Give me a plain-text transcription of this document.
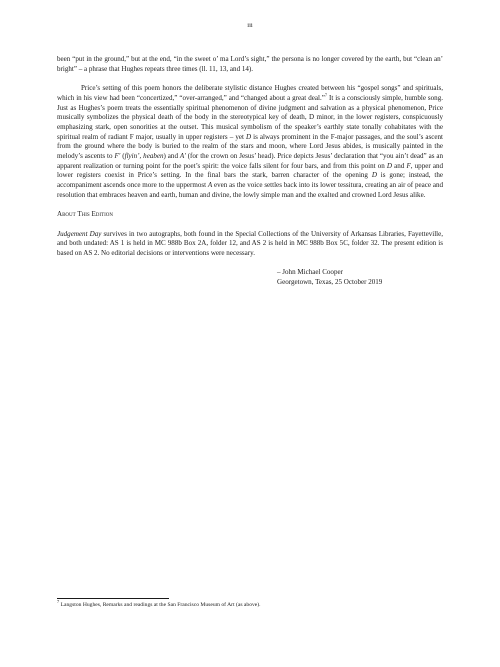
iii

been “put in the ground,” but at the end, “in the sweet o’ ma Lord’s sight,” the persona is no longer covered by the earth, but “clean an’ bright” – a phrase that Hughes repeats three times (ll. 11, 13, and 14).

Price’s setting of this poem honors the deliberate stylistic distance Hughes created between his “gospel songs” and spirituals, which in his view had been “concertized,” “over-arranged,” and “changed about a great deal.”$^7$ It is a consciously simple, humble song. Just as Hughes’s poem treats the essentially spiritual phenomenon of divine judgment and salvation as a physical phenomenon, Price musically symbolizes the physical death of the body in the stereotypical key of death, D minor, in the lower registers, conspicuously emphasizing stark, open sonorities at the outset. This musical symbolism of the speaker’s earthly state tonally cohabitates with the spiritual realm of radiant F major, usually in upper registers – yet D is always prominent in the F-major passages, and the soul’s ascent from the ground where the body is buried to the realm of the stars and moon, where Lord Jesus abides, is musically painted in the melody’s ascents to F′ (flyin’, heaben) and A′ (for the crown on Jesus’ head). Price depicts Jesus’ declaration that “you ain’t dead” as an apparent realization or turning point for the poet’s spirit: the voice falls silent for four bars, and from this point on D and F, upper and lower registers coexist in Price’s setting. In the final bars the stark, barren character of the opening D is gone; instead, the accompaniment ascends once more to the uppermost A even as the voice settles back into its lower tessitura, creating an air of peace and resolution that embraces heaven and earth, human and divine, the lowly simple man and the exalted and crowned Lord Jesus alike.

About This Edition

Judgement Day survives in two autographs, both found in the Special Collections of the University of Arkansas Libraries, Fayetteville, and both undated: AS 1 is held in MC 988b Box 2A, folder 12, and AS 2 is held in MC 988b Box 5C, folder 32. The present edition is based on AS 2. No editorial decisions or interventions were necessary.

– John Michael Cooper
Georgetown, Texas, 25 October 2019
$^7$ Langston Hughes, Remarks and readings at the San Francisco Museum of Art (as above).
